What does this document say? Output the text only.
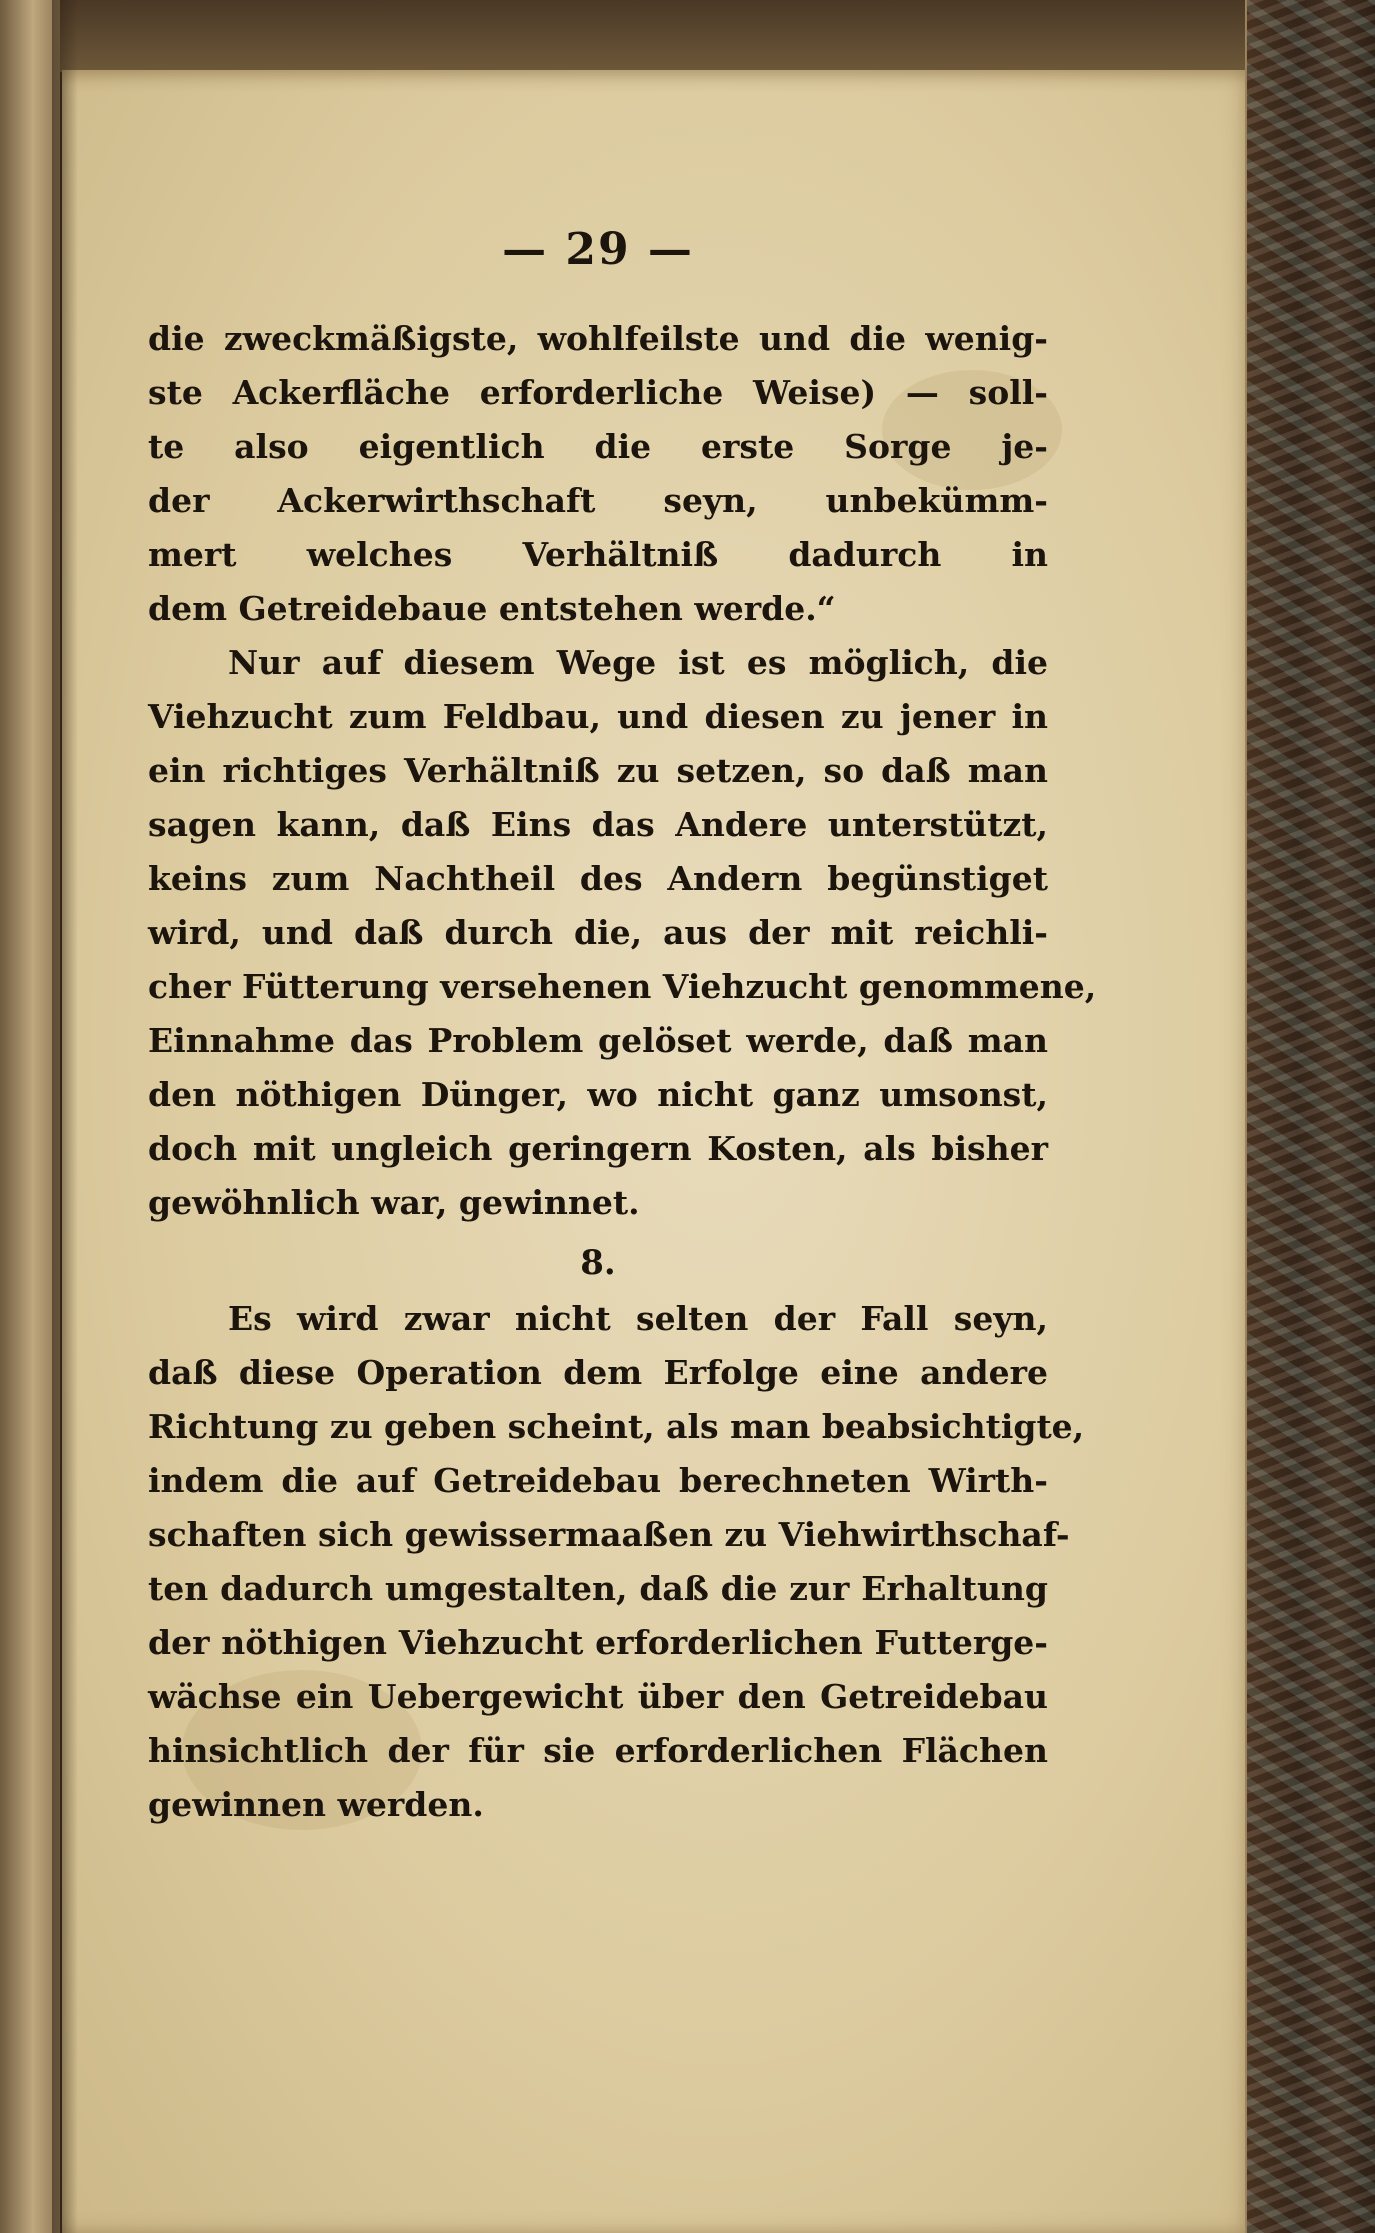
— 29 —
die zweckmäßigste, wohlfeilste und die wenig-
ste Ackerfläche erforderliche Weise) — soll-
te also eigentlich die erste Sorge je-
der Ackerwirthschaft seyn, unbekümm-
mert welches Verhältniß dadurch in
dem Getreidebaue entstehen werde.“
Nur auf diesem Wege ist es möglich, die
Viehzucht zum Feldbau, und diesen zu jener in
ein richtiges Verhältniß zu setzen, so daß man
sagen kann, daß Eins das Andere unterstützt,
keins zum Nachtheil des Andern begünstiget
wird, und daß durch die, aus der mit reichli-
cher Fütterung versehenen Viehzucht genommene,
Einnahme das Problem gelöset werde, daß man
den nöthigen Dünger, wo nicht ganz umsonst,
doch mit ungleich geringern Kosten, als bisher
gewöhnlich war, gewinnet.
8.
Es wird zwar nicht selten der Fall seyn,
daß diese Operation dem Erfolge eine andere
Richtung zu geben scheint, als man beabsichtigte,
indem die auf Getreidebau berechneten Wirth-
schaften sich gewissermaaßen zu Viehwirthschaf-
ten dadurch umgestalten, daß die zur Erhaltung
der nöthigen Viehzucht erforderlichen Futterge-
wächse ein Uebergewicht über den Getreidebau
hinsichtlich der für sie erforderlichen Flächen
gewinnen werden.
